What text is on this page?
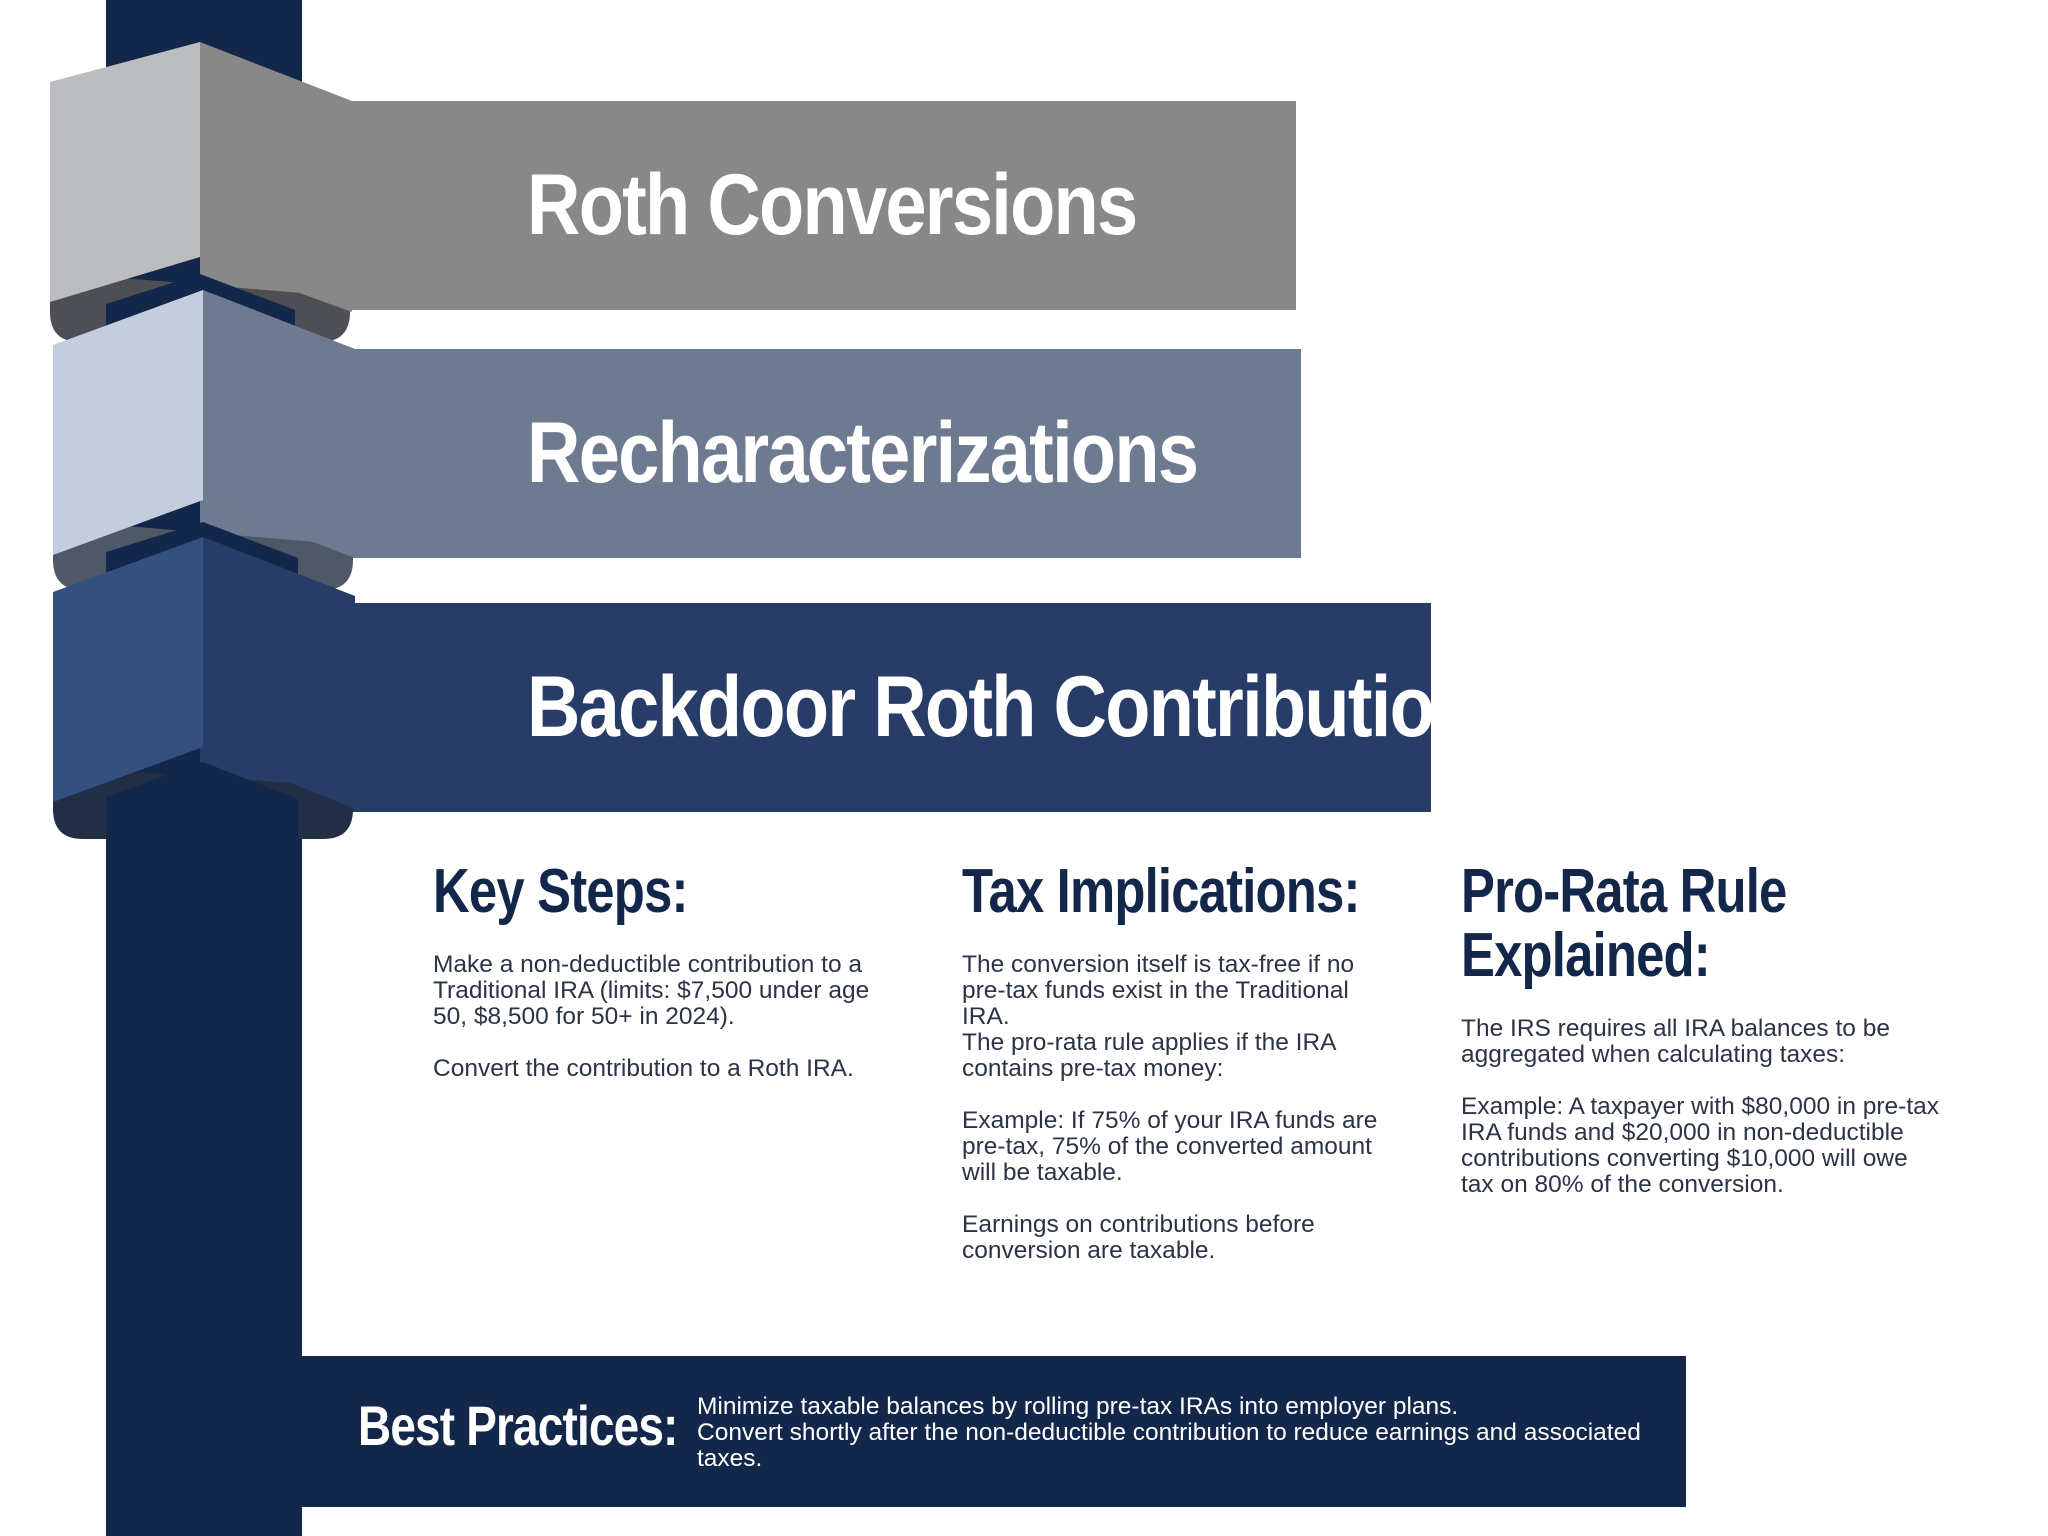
Roth Conversions
Recharacterizations
Backdoor Roth Contributions
Key Steps:

Make a non-deductible contribution to a Traditional IRA (limits: $7,500 under age 50, $8,500 for 50+ in 2024).

Convert the contribution to a Roth IRA.

Tax Implications:

The conversion itself is tax-free if no pre-tax funds exist in the Traditional IRA.
The pro-rata rule applies if the IRA contains pre-tax money:

Example: If 75% of your IRA funds are pre-tax, 75% of the converted amount will be taxable.

Earnings on contributions before conversion are taxable.

Pro-Rata Rule
Explained:

The IRS requires all IRA balances to be aggregated when calculating taxes:

Example: A taxpayer with $80,000 in pre-tax IRA funds and $20,000 in non-deductible contributions converting $10,000 will owe tax on 80% of the conversion.

Best Practices: Minimize taxable balances by rolling pre-tax IRAs into employer plans.
Convert shortly after the non-deductible contribution to reduce earnings and associated taxes.
